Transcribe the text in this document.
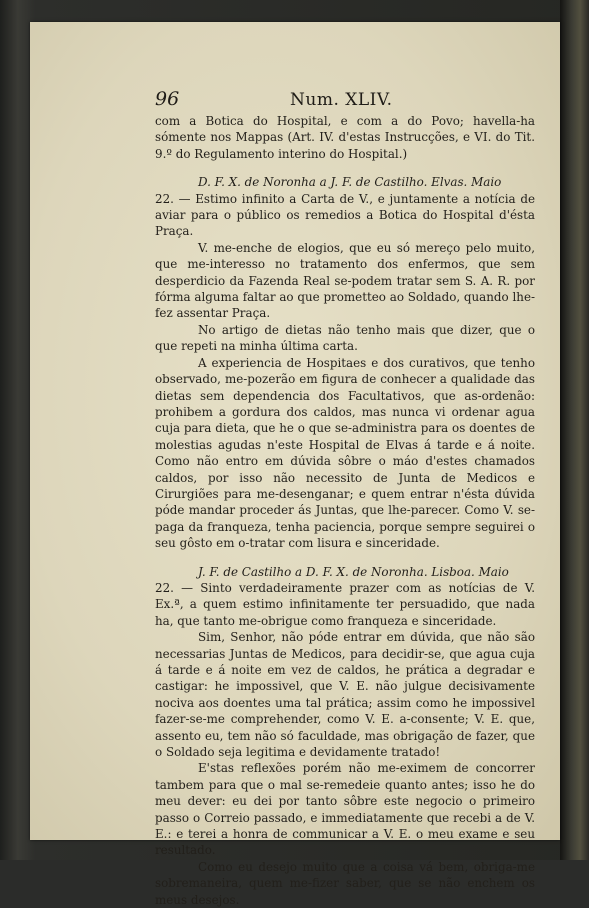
96	Num. XLIV.

com a Botica do Hospital, e com a do Povo; havella-ha sómente nos Mappas (Art. IV. d'estas Instrucções, e VI. do Tit. 9.º do Regulamento interino do Hospital.)

D. F. X. de Noronha a J. F. de Castilho. Elvas. Maio

22. — Estimo infinito a Carta de V., e juntamente a notícia de aviar para o público os remedios a Botica do Hospital d'ésta Praça.

V. me-enche de elogios, que eu só mereço pelo muito, que me-interesso no tratamento dos enfermos, que sem desperdicio da Fazenda Real se-podem tratar sem S. A. R. por fórma alguma faltar ao que prometteo ao Soldado, quando lhe-fez assentar Praça.

No artigo de dietas não tenho mais que dizer, que o que repeti na minha última carta.

A experiencia de Hospitaes e dos curativos, que tenho observado, me-pozerão em figura de conhecer a qualidade das dietas sem dependencia dos Facultativos, que as-ordenão: prohibem a gordura dos caldos, mas nunca vi ordenar agua cuja para dieta, que he o que se-administra para os doentes de molestias agudas n'este Hospital de Elvas á tarde e á noite. Como não entro em dúvida sôbre o máo d'estes chamados caldos, por isso não necessito de Junta de Medicos e Cirurgiões para me-desenganar; e quem entrar n'ésta dúvida póde mandar proceder ás Juntas, que lhe-parecer. Como V. se-paga da franqueza, tenha paciencia, porque sempre seguirei o seu gôsto em o-tratar com lisura e sinceridade.

J. F. de Castilho a D. F. X. de Noronha. Lisboa. Maio

22. — Sinto verdadeiramente prazer com as notícias de V. Ex.ª, a quem estimo infinitamente ter persuadido, que nada ha, que tanto me-obrigue como franqueza e sinceridade.

Sim, Senhor, não póde entrar em dúvida, que não são necessarias Juntas de Medicos, para decidir-se, que agua cuja á tarde e á noite em vez de caldos, he prática a degradar e castigar: he impossivel, que V. E. não julgue decisivamente nociva aos doentes uma tal prática; assim como he impossivel fazer-se-me comprehender, como V. E. a-consente; V. E. que, assento eu, tem não só faculdade, mas obrigação de fazer, que o Soldado seja legitima e devidamente tratado!

E'stas reflexões porém não me-eximem de concorrer tambem para que o mal se-remedeie quanto antes; isso he do meu dever: eu dei por tanto sôbre este negocio o primeiro passo o Correio passado, e immediatamente que recebi a de V. E.: e terei a honra de communicar a V. E. o meu exame e seu resultado.

Como eu desejo muito que a coisa vá bem, obriga-me sobremaneira, quem me-fizer saber, que se não enchem os meus desejos.
